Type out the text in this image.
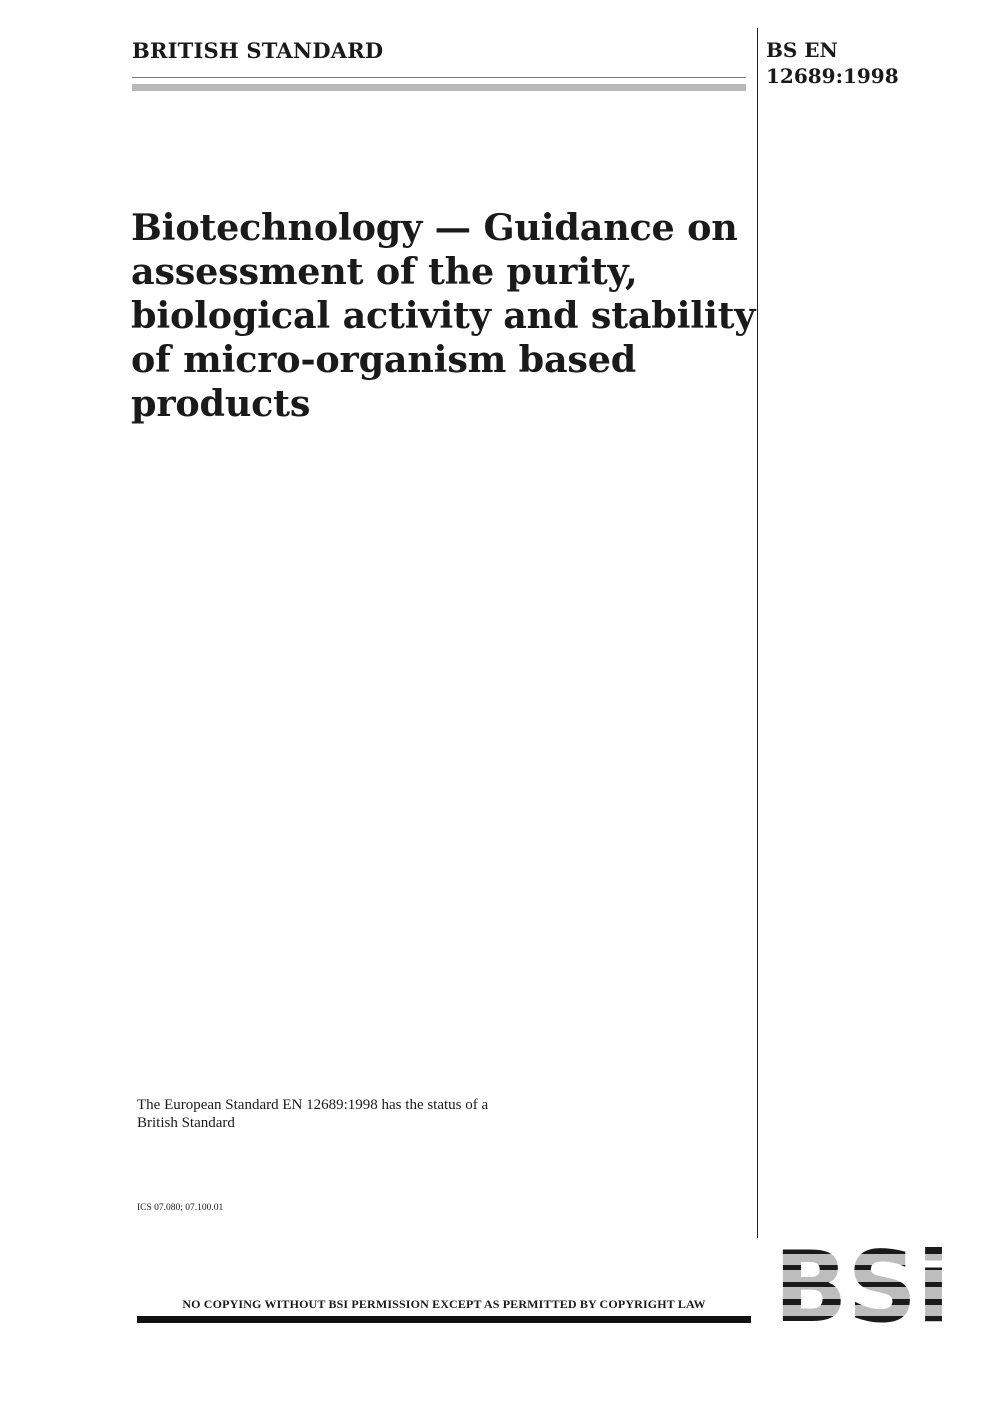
BRITISH STANDARD	BS EN
12689:1998
Biotechnology — Guidance on
assessment of the purity,
biological activity and stability
of micro-organism based
products
The European Standard EN 12689:1998 has the status of a
British Standard
ICS 07.080; 07.100.01
NO COPYING WITHOUT BSI PERMISSION EXCEPT AS PERMITTED BY COPYRIGHT LAW
